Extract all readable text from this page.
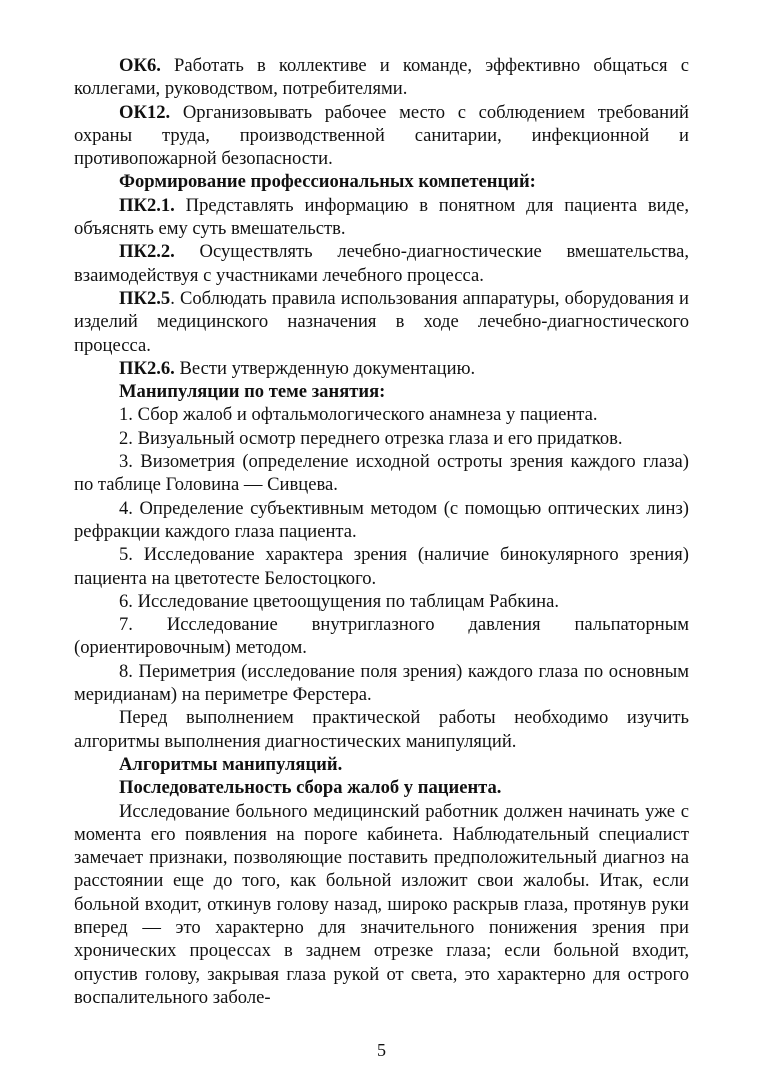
ОК6. Работать в коллективе и команде, эффективно общаться с коллегами, руководством, потребителями.

ОК12. Организовывать рабочее место с соблюдением требований охраны труда, производственной санитарии, инфекционной и противопожарной безопасности.

Формирование профессиональных компетенций:

ПК2.1. Представлять информацию в понятном для пациента виде, объяснять ему суть вмешательств.

ПК2.2. Осуществлять лечебно-диагностические вмешательства, взаимодействуя с участниками лечебного процесса.

ПК2.5. Соблюдать правила использования аппаратуры, оборудования и изделий медицинского назначения в ходе лечебно-диагностического процесса.

ПК2.6. Вести утвержденную документацию.

Манипуляции по теме занятия:

1. Сбор жалоб и офтальмологического анамнеза у пациента.

2. Визуальный осмотр переднего отрезка глаза и его придатков.

3. Визометрия (определение исходной остроты зрения каждого глаза) по таблице Головина — Сивцева.

4. Определение субъективным методом (с помощью оптических линз) рефракции каждого глаза пациента.

5. Исследование характера зрения (наличие бинокулярного зрения) пациента на цветотесте Белостоцкого.

6. Исследование цветоощущения по таблицам Рабкина.

7. Исследование внутриглазного давления пальпаторным (ориентировочным) методом.

8. Периметрия (исследование поля зрения) каждого глаза по основным меридианам) на периметре Ферстера.

Перед выполнением практической работы необходимо изучить алгоритмы выполнения диагностических манипуляций.

Алгоритмы манипуляций.

Последовательность сбора жалоб у пациента.

Исследование больного медицинский работник должен начинать уже с момента его появления на пороге кабинета. Наблюдательный специалист замечает признаки, позволяющие поставить предположительный диагноз на расстоянии еще до того, как больной изложит свои жалобы. Итак, если больной входит, откинув голову назад, широко раскрыв глаза, протянув руки вперед — это характерно для значительного понижения зрения при хронических процессах в заднем отрезке глаза; если больной входит, опустив голову, закрывая глаза рукой от света, это характерно для острого воспалительного заболе-

5
